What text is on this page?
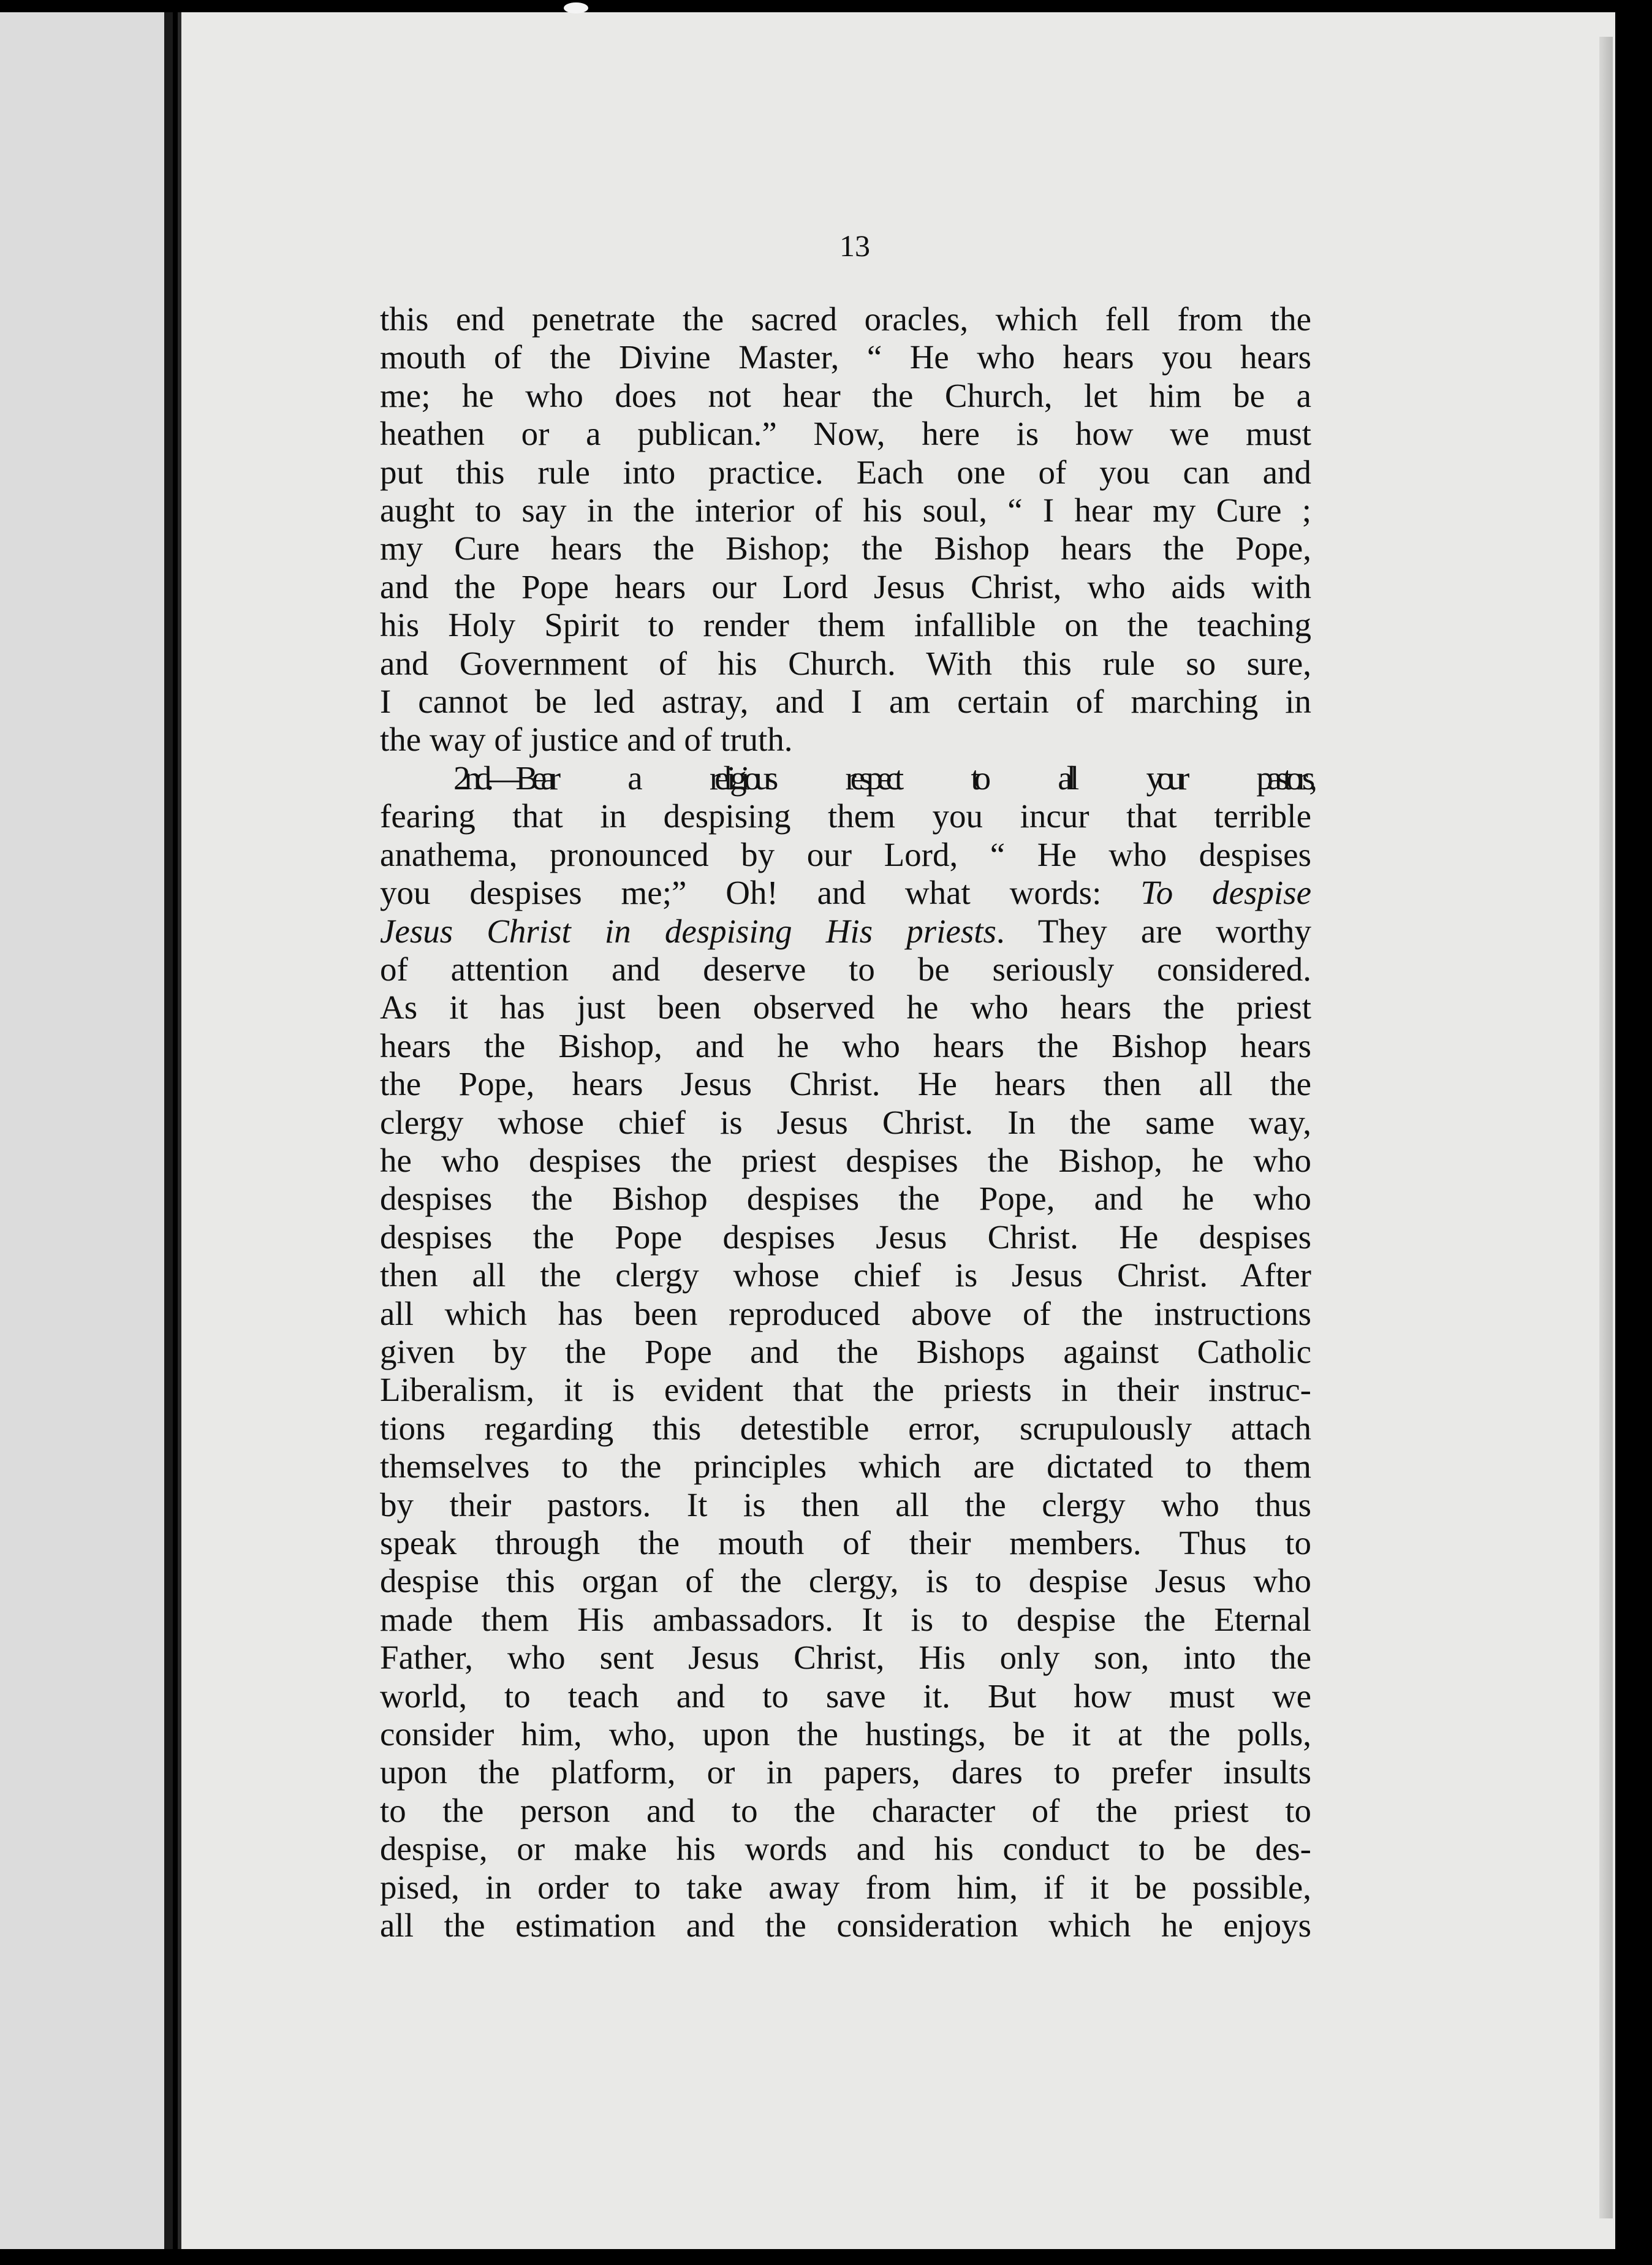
13
this end penetrate the sacred oracles, which fell from the
mouth of the Divine Master, “ He who hears you hears
me; he who does not hear the Church, let him be a
heathen or a publican.” Now, here is how we must
put this rule into practice. Each one of you can and
aught to say in the interior of his soul, “ I hear my Cure ;
my Cure hears the Bishop; the Bishop hears the Pope,
and the Pope hears our Lord Jesus Christ, who aids with
his Holy Spirit to render them infallible on the teaching
and Government of his Church. With this rule so sure,
I cannot be led astray, and I am certain of marching in
the way of justice and of truth.
2nd.—Bear a religious respect to all your pastors,
fearing that in despising them you incur that terrible
anathema, pronounced by our Lord, “ He who despises
you despises me;” Oh! and what words: To despise
Jesus Christ in despising His priests. They are worthy
of attention and deserve to be seriously considered.
As it has just been observed he who hears the priest
hears the Bishop, and he who hears the Bishop hears
the Pope, hears Jesus Christ. He hears then all the
clergy whose chief is Jesus Christ. In the same way,
he who despises the priest despises the Bishop, he who
despises the Bishop despises the Pope, and he who
despises the Pope despises Jesus Christ. He despises
then all the clergy whose chief is Jesus Christ. After
all which has been reproduced above of the instructions
given by the Pope and the Bishops against Catholic
Liberalism, it is evident that the priests in their instruc-
tions regarding this detestible error, scrupulously attach
themselves to the principles which are dictated to them
by their pastors. It is then all the clergy who thus
speak through the mouth of their members. Thus to
despise this organ of the clergy, is to despise Jesus who
made them His ambassadors. It is to despise the Eternal
Father, who sent Jesus Christ, His only son, into the
world, to teach and to save it. But how must we
consider him, who, upon the hustings, be it at the polls,
upon the platform, or in papers, dares to prefer insults
to the person and to the character of the priest to
despise, or make his words and his conduct to be des-
pised, in order to take away from him, if it be possible,
all the estimation and the consideration which he enjoys
